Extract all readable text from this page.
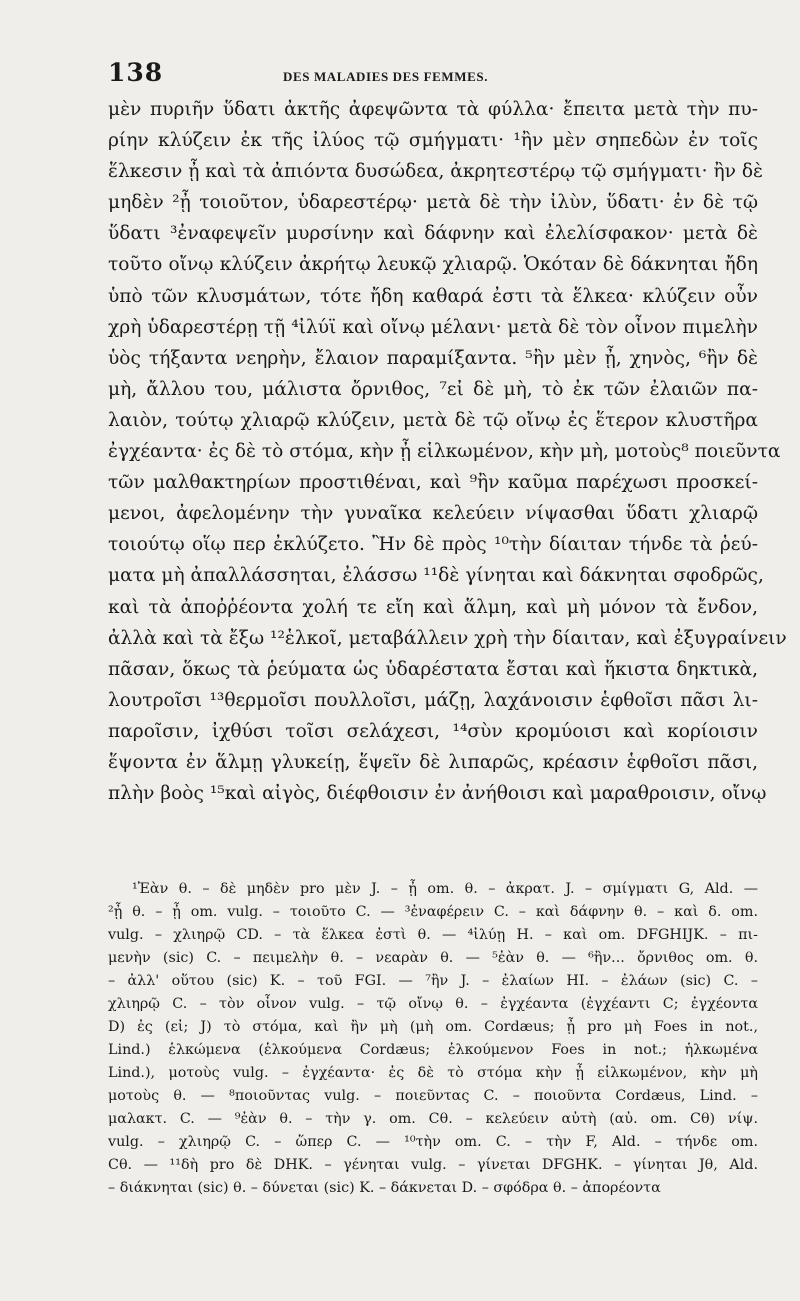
138	DES MALADIES DES FEMMES.
μὲν πυριῆν ὕδατι ἀκτῆς ἀφεψῶντα τὰ φύλλα· ἔπειτα μετὰ τὴν πυ-
ρίην κλύζειν ἐκ τῆς ἰλύος τῷ σμήγματι· ¹ἢν μὲν σηπεδὼν ἐν τοῖς
ἕλκεσιν ᾖ καὶ τὰ ἀπιόντα δυσώδεα, ἀκρητεστέρῳ τῷ σμήγματι· ἢν δὲ
μηδὲν ²ᾖ τοιοῦτον, ὑδαρεστέρῳ· μετὰ δὲ τὴν ἰλὺν, ὕδατι· ἐν δὲ τῷ
ὕδατι ³ἐναφεψεῖν μυρσίνην καὶ δάφνην καὶ ἐλελίσφακον· μετὰ δὲ
τοῦτο οἴνῳ κλύζειν ἀκρήτῳ λευκῷ χλιαρῷ. Ὁκόταν δὲ δάκνηται ἤδη
ὑπὸ τῶν κλυσμάτων, τότε ἤδη καθαρά ἐστι τὰ ἕλκεα· κλύζειν οὖν
χρὴ ὑδαρεστέρῃ τῇ ⁴ἰλύϊ καὶ οἴνῳ μέλανι· μετὰ δὲ τὸν οἶνον πιμελὴν
ὑὸς τήξαντα νεηρὴν, ἔλαιον παραμίξαντα. ⁵ἢν μὲν ᾖ, χηνὸς, ⁶ἢν δὲ
μὴ, ἄλλου του, μάλιστα ὄρνιθος, ⁷εἰ δὲ μὴ, τὸ ἐκ τῶν ἐλαιῶν πα-
λαιὸν, τούτῳ χλιαρῷ κλύζειν, μετὰ δὲ τῷ οἴνῳ ἐς ἕτερον κλυστῆρα
ἐγχέαντα· ἐς δὲ τὸ στόμα, κὴν ᾖ εἱλκωμένον, κὴν μὴ, μοτοὺς⁸ ποιεῦντα
τῶν μαλθακτηρίων προστιθέναι, καὶ ⁹ἢν καῦμα παρέχωσι προσκεί-
μενοι, ἀφελομένην τὴν γυναῖκα κελεύειν νίψασθαι ὕδατι χλιαρῷ
τοιούτῳ οἵῳ περ ἐκλύζετο. Ἢν δὲ πρὸς ¹⁰τὴν δίαιταν τήνδε τὰ ῥεύ-
ματα μὴ ἀπαλλάσσηται, ἐλάσσω ¹¹δὲ γίνηται καὶ δάκνηται σφοδρῶς,
καὶ τὰ ἀποῤῥέοντα χολή τε εἴη καὶ ἅλμη, καὶ μὴ μόνον τὰ ἔνδον,
ἀλλὰ καὶ τὰ ἔξω ¹²ἑλκοῖ, μεταβάλλειν χρὴ τὴν δίαιταν, καὶ ἐξυγραίνειν
πᾶσαν, ὅκως τὰ ῥεύματα ὡς ὑδαρέστατα ἔσται καὶ ἥκιστα δηκτικὰ,
λουτροῖσι ¹³θερμοῖσι πουλλοῖσι, μάζῃ, λαχάνοισιν ἑφθοῖσι πᾶσι λι-
παροῖσιν, ἰχθύσι τοῖσι σελάχεσι, ¹⁴σὺν κρομύοισι καὶ κορίοισιν
ἕψοντα ἐν ἅλμῃ γλυκείῃ, ἕψεῖν δὲ λιπαρῶς, κρέασιν ἑφθοῖσι πᾶσι,
πλὴν βοὸς ¹⁵καὶ αἰγὸς, διέφθοισιν ἐν ἀνήθοισι καὶ μαραθροισιν, οἴνῳ
¹Ἐὰν θ. – δὲ μηδὲν pro μὲν J. – ᾖ om. θ. – ἀκρατ. J. – σμίγματι G, Ald. —
²ᾖ θ. – ᾖ om. vulg. – τοιοῦτο C. — ³ἐναφέρειν C. – καὶ δάφνην θ. – καὶ δ. om.
vulg. – χλιηρῷ CD. – τὰ ἕλκεα ἐστὶ θ. — ⁴ἰλύῃ H. – καὶ om. DFGHIJK. – πι-
μενὴν (sic) C. – πειμελὴν θ. – νεαρὰν θ. — ⁵ἐὰν θ. — ⁶ἢν... ὄρνιθος om. θ.
– ἀλλ' οὕτου (sic) K. – τοῦ FGI. — ⁷ἢν J. – ἐλαίων HI. – ἐλάων (sic) C. –
χλιηρῷ C. – τὸν οἶνον vulg. – τῷ οἴνῳ θ. – ἐγχέαντα (ἐγχέαντι C; ἐγχέοντα
D) ἐς (εἰ; J) τὸ στόμα, καὶ ἢν μὴ (μὴ om. Cordæus; ᾖ pro μὴ Foes in not.,
Lind.) ἑλκώμενα (ἑλκούμενα Cordæus; ἑλκούμενον Foes in not.; ἡλκωμένα
Lind.), μοτοὺς vulg. – ἐγχέαντα· ἐς δὲ τὸ στόμα κὴν ᾖ εἱλκωμένον, κὴν μὴ
μοτοὺς θ. — ⁸ποιοῦντας vulg. – ποιεῦντας C. – ποιοῦντα Cordæus, Lind. –
μαλακτ. C. — ⁹ἐὰν θ. – τὴν γ. om. Cθ. – κελεύειν αὐτὴ (αὐ. om. Cθ) νίψ.
vulg. – χλιηρῷ C. – ὥπερ C. — ¹⁰τὴν om. C. – τὴν F, Ald. – τήνδε om.
Cθ. — ¹¹δὴ pro δὲ DHK. – γένηται vulg. – γίνεται DFGHK. – γίνηται Jθ, Ald.
– διάκνηται (sic) θ. – δύνεται (sic) K. – δάκνεται D. – σφόδρα θ. – ἀπορέοντα
